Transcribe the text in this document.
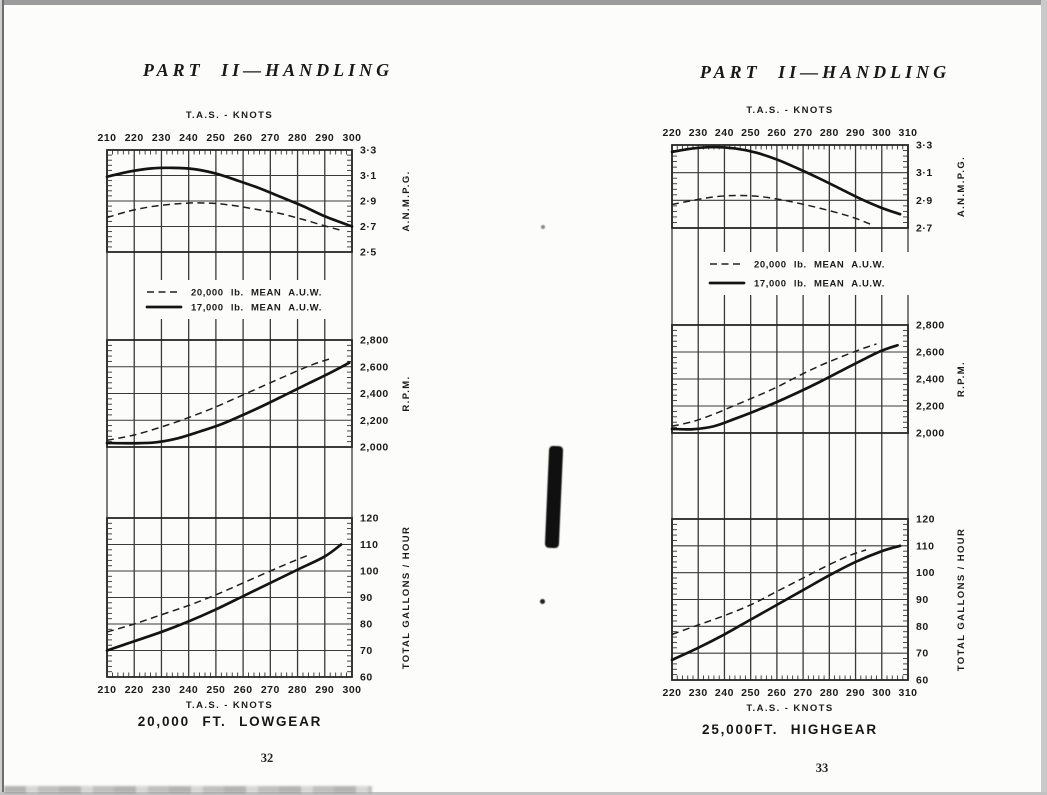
PART II—HANDLING	PART II—HANDLING
3·3
3·1
2·9
2·7
2·5
A.N.M.P.G.
2,800
2,600
2,400
2,200
2,000
R.P.M.
120
110
100
90
80
70
60
TOTAL GALLONS / HOUR
210
210
220
220
230
230
240
240
250
250
260
260
270
270
280
280
290
290
300
300
T.A.S. - KNOTS
T.A.S. - KNOTS
20,000 lb. MEAN A.U.W.
17,000 lb. MEAN A.U.W.
3·3
3·1
2·9
2·7
A.N.M.P.G.
2,800
2,600
2,400
2,200
2,000
R.P.M.
120
110
100
90
80
70
60
TOTAL GALLONS / HOUR
220
220
230
230
240
240
250
250
260
260
270
270
280
280
290
290
300
300
310
310
T.A.S. - KNOTS
T.A.S. - KNOTS
20,000 lb. MEAN A.U.W.
17,000 lb. MEAN A.U.W.
20,000 FT. LOWGEAR
25,000FT. HIGHGEAR
32
33
